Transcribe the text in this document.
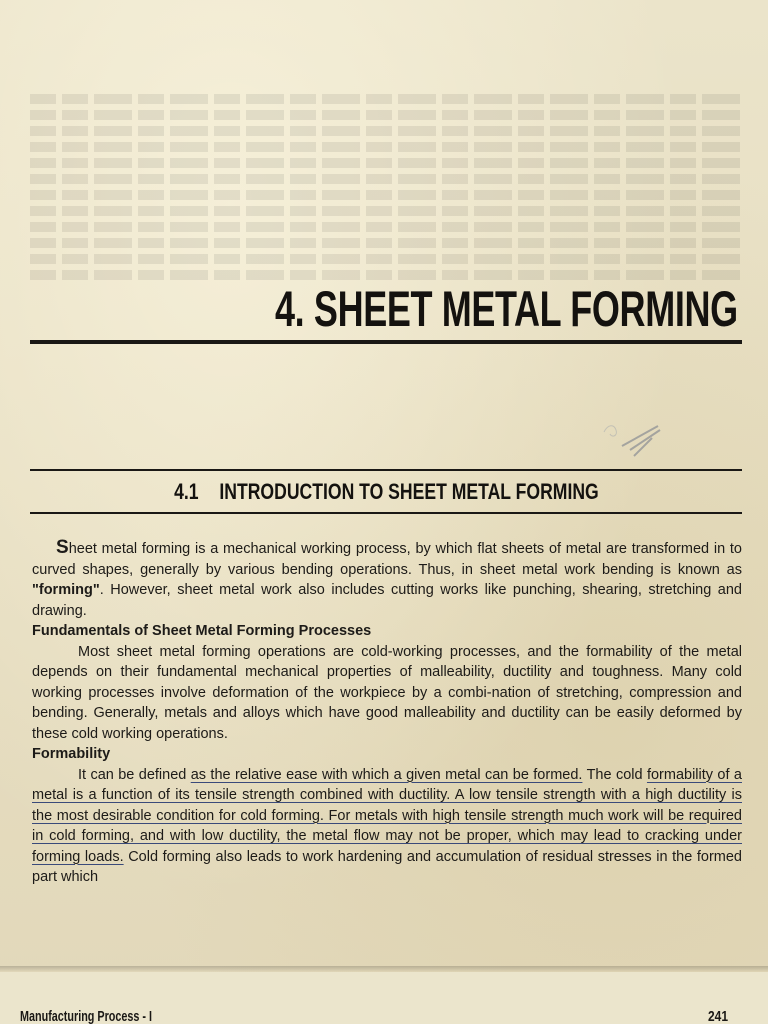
4. SHEET METAL FORMING
4.1 INTRODUCTION TO SHEET METAL FORMING

Sheet metal forming is a mechanical working process, by which flat sheets of metal are transformed in to curved shapes, generally by various bending operations. Thus, in sheet metal work bending is known as "forming". However, sheet metal work also includes cutting works like punching, shearing, stretching and drawing.

Fundamentals of Sheet Metal Forming Processes

Most sheet metal forming operations are cold-working processes, and the formability of the metal depends on their fundamental mechanical properties of malleability, ductility and toughness. Many cold working processes involve deformation of the workpiece by a combi-nation of stretching, compression and bending. Generally, metals and alloys which have good malleability and ductility can be easily deformed by these cold working operations.

Formability

It can be defined as the relative ease with which a given metal can be formed. The cold formability of a metal is a function of its tensile strength combined with ductility. A low tensile strength with a high ductility is the most desirable condition for cold forming. For metals with high tensile strength much work will be required in cold forming, and with low ductility, the metal flow may not be proper, which may lead to cracking under forming loads. Cold forming also leads to work hardening and accumulation of residual stresses in the formed part which

Manufacturing Process - I	241
